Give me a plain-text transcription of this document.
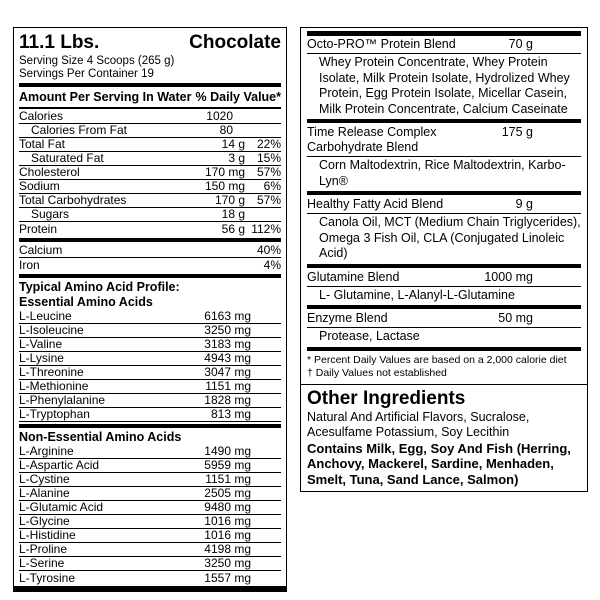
11.1 Lbs.	Chocolate
Serving Size 4 Scoops (265 g)
Servings Per Container 19
Amount Per Serving In Water % Daily Value*
Calories	1020
Calories From Fat	80
Total Fat	14 g 22%
Saturated Fat	3 g 15%
Cholesterol	170 mg 57%
Sodium	150 mg	6%
Total Carbohydrates	170 g 57%
Sugars	18 g
Protein	56 g 112%
Calcium	40%
Iron	4%
Typical Amino Acid Profile:
Essential Amino Acids
L-Leucine	6163 mg
L-Isoleucine	3250 mg
L-Valine	3183 mg
L-Lysine	4943 mg
L-Threonine	3047 mg
L-Methionine	1151 mg
L-Phenylalanine	1828 mg
L-Tryptophan	813 mg
Non-Essential Amino Acids
L-Arginine	1490 mg
L-Aspartic Acid	5959 mg
L-Cystine	1151 mg
L-Alanine	2505 mg
L-Glutamic Acid	9480 mg
L-Glycine	1016 mg
L-Histidine	1016 mg
L-Proline	4198 mg
L-Serine	3250 mg
L-Tyrosine	1557 mg
Octo-PRO™ Protein Blend	70 g
Whey Protein Concentrate, Whey Protein Isolate, Milk Protein Isolate, Hydrolized Whey Protein, Egg Protein Isolate, Micellar Casein, Milk Protein Concentrate, Calcium Caseinate
Time Release Complex	175 g
Carbohydrate Blend
Corn Maltodextrin, Rice Maltodextrin, Karbo-Lyn®
Healthy Fatty Acid Blend	9 g
Canola Oil, MCT (Medium Chain Triglycerides), Omega 3 Fish Oil, CLA (Conjugated Linoleic Acid)
Glutamine Blend	1000 mg
L- Glutamine, L-Alanyl-L-Glutamine
Enzyme Blend	50 mg
Protease, Lactase
* Percent Daily Values are based on a 2,000 calorie diet
† Daily Values not established
Other Ingredients
Natural And Artificial Flavors, Sucralose, Acesulfame Potassium, Soy Lecithin
Contains Milk, Egg, Soy And Fish (Herring, Anchovy, Mackerel, Sardine, Menhaden, Smelt, Tuna, Sand Lance, Salmon)
